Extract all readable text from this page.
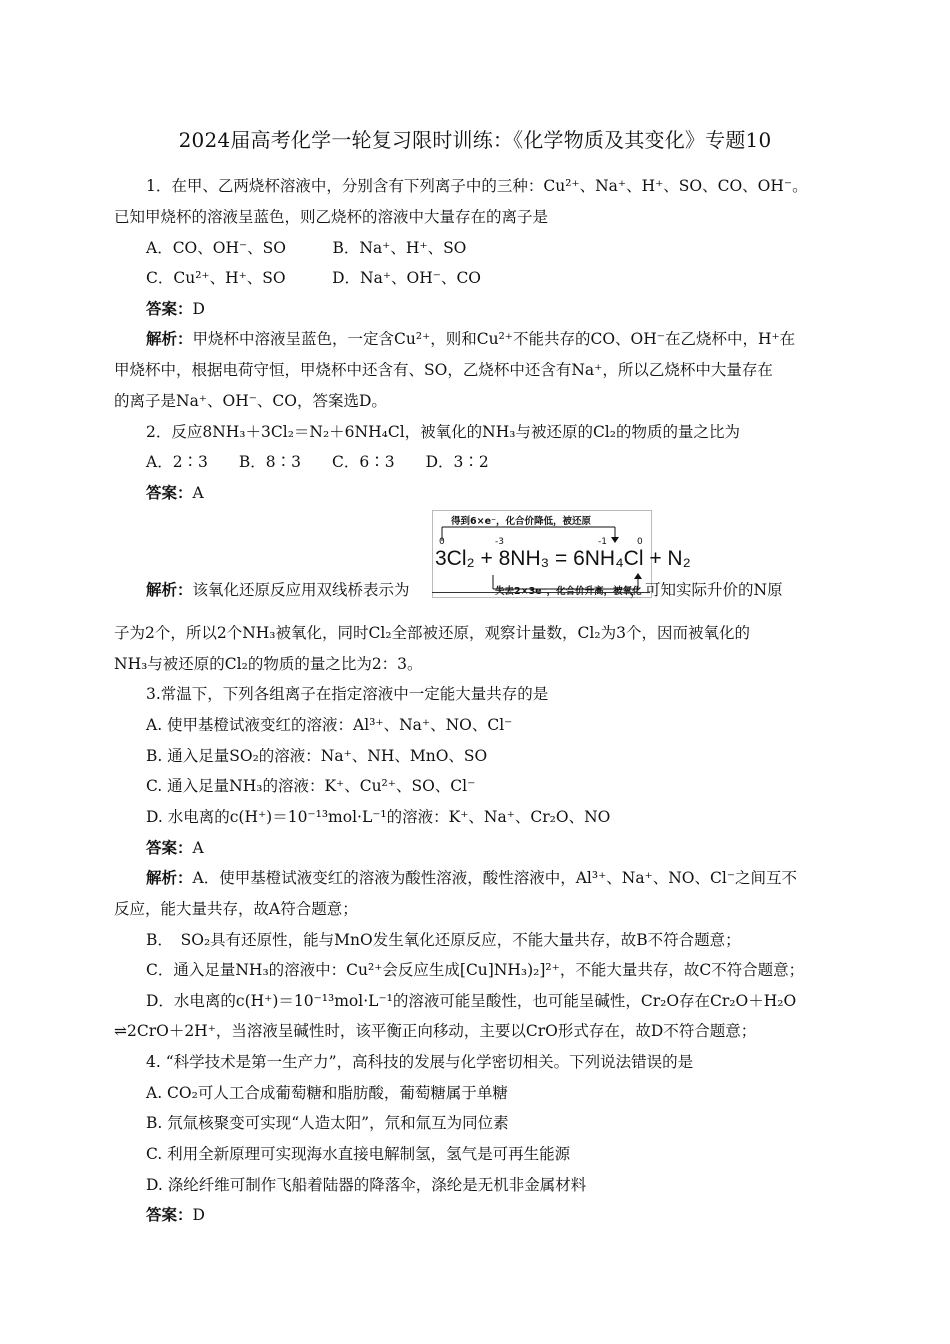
2024届高考化学一轮复习限时训练：《化学物质及其变化》专题10
1．在甲、乙两烧杯溶液中，分别含有下列离子中的三种：Cu²⁺、Na⁺、H⁺、SO、CO、OH⁻。
已知甲烧杯的溶液呈蓝色，则乙烧杯的溶液中大量存在的离子是
A．CO、OH⁻、SO　　　B．Na⁺、H⁺、SO
C．Cu²⁺、H⁺、SO　　　D．Na⁺、OH⁻、CO
答案：D
解析：甲烧杯中溶液呈蓝色，一定含Cu²⁺，则和Cu²⁺不能共存的CO、OH⁻在乙烧杯中，H⁺在
甲烧杯中，根据电荷守恒，甲烧杯中还含有、SO，乙烧杯中还含有Na⁺，所以乙烧杯中大量存在
的离子是Na⁺、OH⁻、CO，答案选D。
2．反应8NH₃＋3Cl₂＝N₂＋6NH₄Cl，被氧化的NH₃与被还原的Cl₂的物质的量之比为
A．2∶3　　B．8∶3　　C．6∶3　　D．3∶2
答案：A
得到6×e⁻，化合价降低，被还原
0	-3	-1	0
3Cl₂ + 8NH₃ = 6NH₄Cl + N₂
失去2×3e⁻，化合价升高，被氧化
解析：该氧化还原反应用双线桥表示为	，可知实际升价的N原
子为2个，所以2个NH₃被氧化，同时Cl₂全部被还原，观察计量数，Cl₂为3个，因而被氧化的
NH₃与被还原的Cl₂的物质的量之比为2：3。
3.常温下，下列各组离子在指定溶液中一定能大量共存的是
A. 使甲基橙试液变红的溶液：Al³⁺、Na⁺、NO、Cl⁻
B. 通入足量SO₂的溶液：Na⁺、NH、MnO、SO
C. 通入足量NH₃的溶液：K⁺、Cu²⁺、SO、Cl⁻
D. 水电离的c(H⁺)＝10⁻¹³mol·L⁻¹的溶液：K⁺、Na⁺、Cr₂O、NO
答案：A
解析：A．使甲基橙试液变红的溶液为酸性溶液，酸性溶液中，Al³⁺、Na⁺、NO、Cl⁻之间互不
反应，能大量共存，故A符合题意；
B．　SO₂具有还原性，能与MnO发生氧化还原反应，不能大量共存，故B不符合题意；
C．通入足量NH₃的溶液中：Cu²⁺会反应生成[Cu]NH₃)₂]²⁺，不能大量共存，故C不符合题意；
D．水电离的c(H⁺)＝10⁻¹³mol·L⁻¹的溶液可能呈酸性，也可能呈碱性，Cr₂O存在Cr₂O＋H₂O
⇌2CrO＋2H⁺，当溶液呈碱性时，该平衡正向移动，主要以CrO形式存在，故D不符合题意；
4. “科学技术是第一生产力”，高科技的发展与化学密切相关。下列说法错误的是
A. CO₂可人工合成葡萄糖和脂肪酸，葡萄糖属于单糖
B. 氘氚核聚变可实现“人造太阳”，氘和氚互为同位素
C. 利用全新原理可实现海水直接电解制氢，氢气是可再生能源
D. 涤纶纤维可制作飞船着陆器的降落伞，涤纶是无机非金属材料
答案：D
